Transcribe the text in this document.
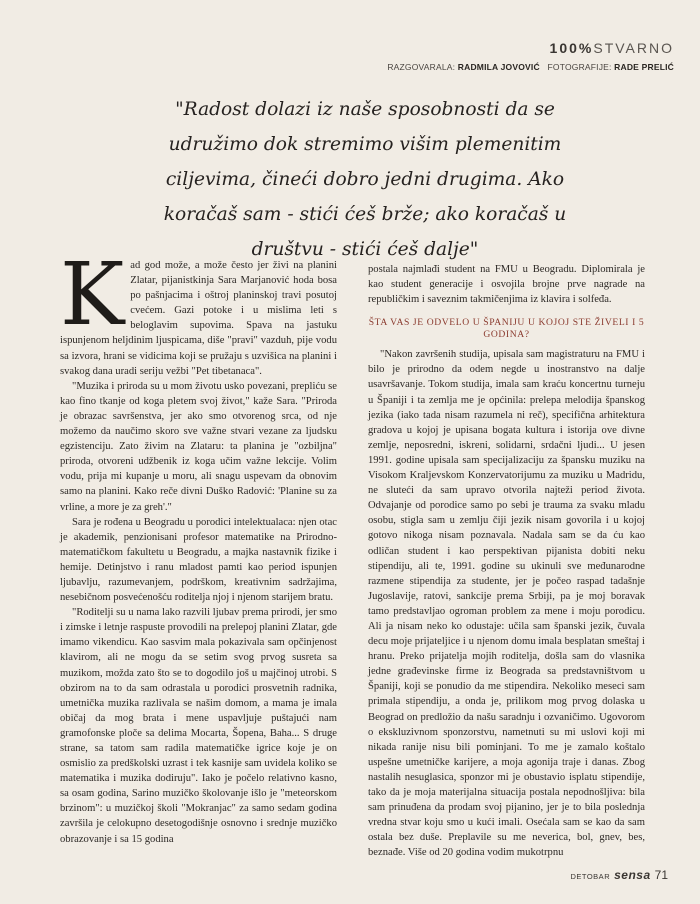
100%STVARNO
RAZGOVARALA: RADMILA JOVOVIĆ FOTOGRAFIJE: RADE PRELIĆ
"Radost dolazi iz naše sposobnosti da se udružimo dok stremimo višim plemenitim ciljevima, čineći dobro jedni drugima. Ako koračaš sam - stići ćeš brže; ako koračaš u društvu - stići ćeš dalje"
K ad god može, a može često jer živi na planini Zlatar, pijanistkinja Sara Marjanović hoda bosa po pašnjacima i oštroj planinskoj travi posutoj cvećem. Gazi potoke i u mislima leti s beloglavim supovima. Spava na jastuku ispunjenom heljdinim ljuspicama, diše "pravi" vazduh, pije vodu sa izvora, hrani se vidicima koji se pružaju s uzvišica na planini i svakog dana uradi seriju vežbi "Pet tibetanaca".

"Muzika i priroda su u mom životu usko povezani, prepliću se kao fino tkanje od koga pletem svoj život," kaže Sara. "Priroda je obrazac savršenstva, jer ako smo otvorenog srca, od nje možemo da naučimo skoro sve važne stvari vezane za ljudsku egzistenciju. Zato živim na Zlataru: ta planina je "ozbiljna" priroda, otvoreni udžbenik iz koga učim važne lekcije. Volim vodu, prija mi kupanje u moru, ali snagu uspevam da obnovim samo na planini. Kako reče divni Duško Radović: 'Planine su za vrline, a more je za greh'."

Sara je rođena u Beogradu u porodici intelektualaca: njen otac je akademik, penzionisani profesor matematike na Prirodno-matematičkom fakultetu u Beogradu, a majka nastavnik fizike i hemije. Detinjstvo i ranu mladost pamti kao period ispunjen ljubavlju, razumevanjem, podrškom, kreativnim sadržajima, nesebičnom posvećenošću roditelja njoj i njenom starijem bratu.

"Roditelji su u nama lako razvili ljubav prema prirodi, jer smo i zimske i letnje raspuste provodili na prelepoj planini Zlatar, gde imamo vikendicu. Kao sasvim mala pokazivala sam opčinjenost klavirom, ali ne mogu da se setim svog prvog susreta sa muzikom, možda zato što se to dogodilo još u majčinoj utrobi. S obzirom na to da sam odrastala u porodici prosvetnih radnika, umetnička muzika razlivala se našim domom, a mama je imala običaj da mog brata i mene uspavljuje puštajući nam gramofonske ploče sa delima Mocarta, Šopena, Baha... S druge strane, sa tatom sam radila matematičke igrice koje je on osmislio za predškolski uzrast i tek kasnije sam uvidela koliko se matematika i muzika dodiruju". Iako je počelo relativno kasno, sa osam godina, Sarino muzičko školovanje išlo je "meteorskom brzinom": u muzičkoj školi "Mokranjac" za samo sedam godina završila je celokupno desetogodišnje osnovno i srednje muzičko obrazovanje i sa 15 godina

postala najmlađi student na FMU u Beogradu. Diplomirala je kao student generacije i osvojila brojne prve nagrade na republičkim i saveznim takmičenjima iz klavira i solfeđa.

ŠTA VAS JE ODVELO U ŠPANIJU U KOJOJ STE ŽIVELI I 5 GODINA?

"Nakon završenih studija, upisala sam magistraturu na FMU i bilo je prirodno da odem negde u inostranstvo na dalje usavršavanje. Tokom studija, imala sam kraću koncertnu turneju u Španiji i ta zemlja me je općinila: prelepa melodija španskog jezika (iako tada nisam razumela ni reč), specifična arhitektura gradova u kojoj je upisana bogata kultura i istorija ove divne zemlje, neposredni, iskreni, solidarni, srdačni ljudi... U jesen 1991. godine upisala sam specijalizaciju za špansku muziku na Visokom Kraljevskom Konzervatorijumu za muziku u Madridu, ne sluteći da sam upravo otvorila najteži period života. Odvajanje od porodice samo po sebi je trauma za svaku mladu osobu, stigla sam u zemlju čiji jezik nisam govorila i u kojoj gotovo nikoga nisam poznavala. Nadala sam se da ću kao odličan student i kao perspektivan pijanista dobiti neku stipendiju, ali te, 1991. godine su ukinuli sve međunarodne razmene stipendija za studente, jer je počeo raspad tadašnje Jugoslavije, ratovi, sankcije prema Srbiji, pa je moj boravak tamo predstavljao ogroman problem za mene i moju porodicu. Ali ja nisam neko ko odustaje: učila sam španski jezik, čuvala decu moje prijateljice i u njenom domu imala besplatan smeštaj i hranu. Preko prijatelja mojih roditelja, došla sam do vlasnika jedne građevinske firme iz Beograda sa predstavništvom u Španiji, koji se ponudio da me stipendira. Nekoliko meseci sam primala stipendiju, a onda je, prilikom mog prvog dolaska u Beograd on predložio da našu saradnju i ozvaničimo. Ugovorom o ekskluzivnom sponzorstvu, nametnuti su mi uslovi koji mi nikada ranije nisu bili pominjani. To me je zamalo koštalo uspešne umetničke karijere, a moja agonija traje i danas. Zbog nastalih nesuglasica, sponzor mi je obustavio isplatu stipendije, tako da je moja materijalna situacija postala nepodnošljiva: bila sam prinuđena da prodam svoj pijanino, jer je to bila poslednja vredna stvar koju smo u kući imali. Osećala sam se kao da sam ostala bez duše. Preplavile su me neverica, bol, gnev, bes, beznađe. Više od 20 godina vodim mukotrpnu

DETOBAR sensa 71
